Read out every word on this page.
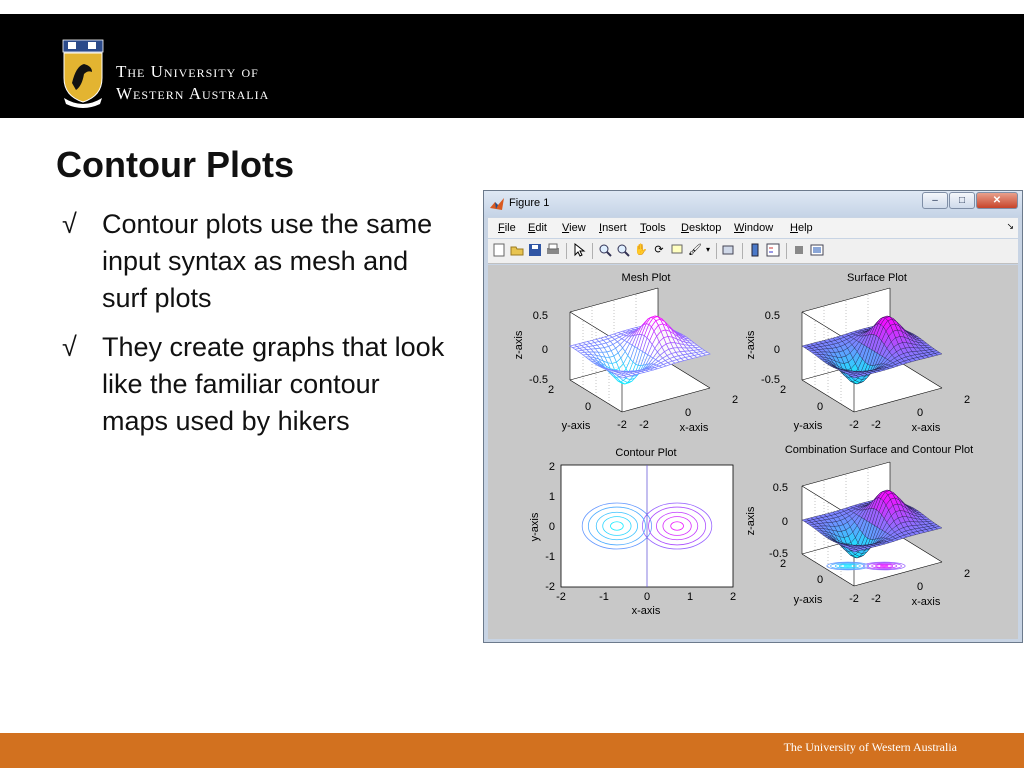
The University of
Western Australia
Contour Plots
√ Contour plots use the same input syntax as mesh and surf plots
√ They create graphs that look like the familiar contour maps used by hikers
Figure 1	–	□	✕
File Edit View Insert Tools Desktop Window Help	↘
✋ ⟳ 🖌 ▾
Mesh Plot
z-axis
y-axis	x-axis
0.5
0
-0.5
2
0
-2 -2
0
2
Surface Plot
z-axis
y-axis	x-axis
0.5
0
-0.5
2
0
-2 -2
0
2
Contour Plot
y-axis
x-axis
2
1
0
-1
-2
-2	-1	0	1	2
Combination Surface and Contour Plot
z-axis
y-axis	x-axis
0.5
0
-0.5
2
0
-2 -2
0
2
The University of Western Australia
